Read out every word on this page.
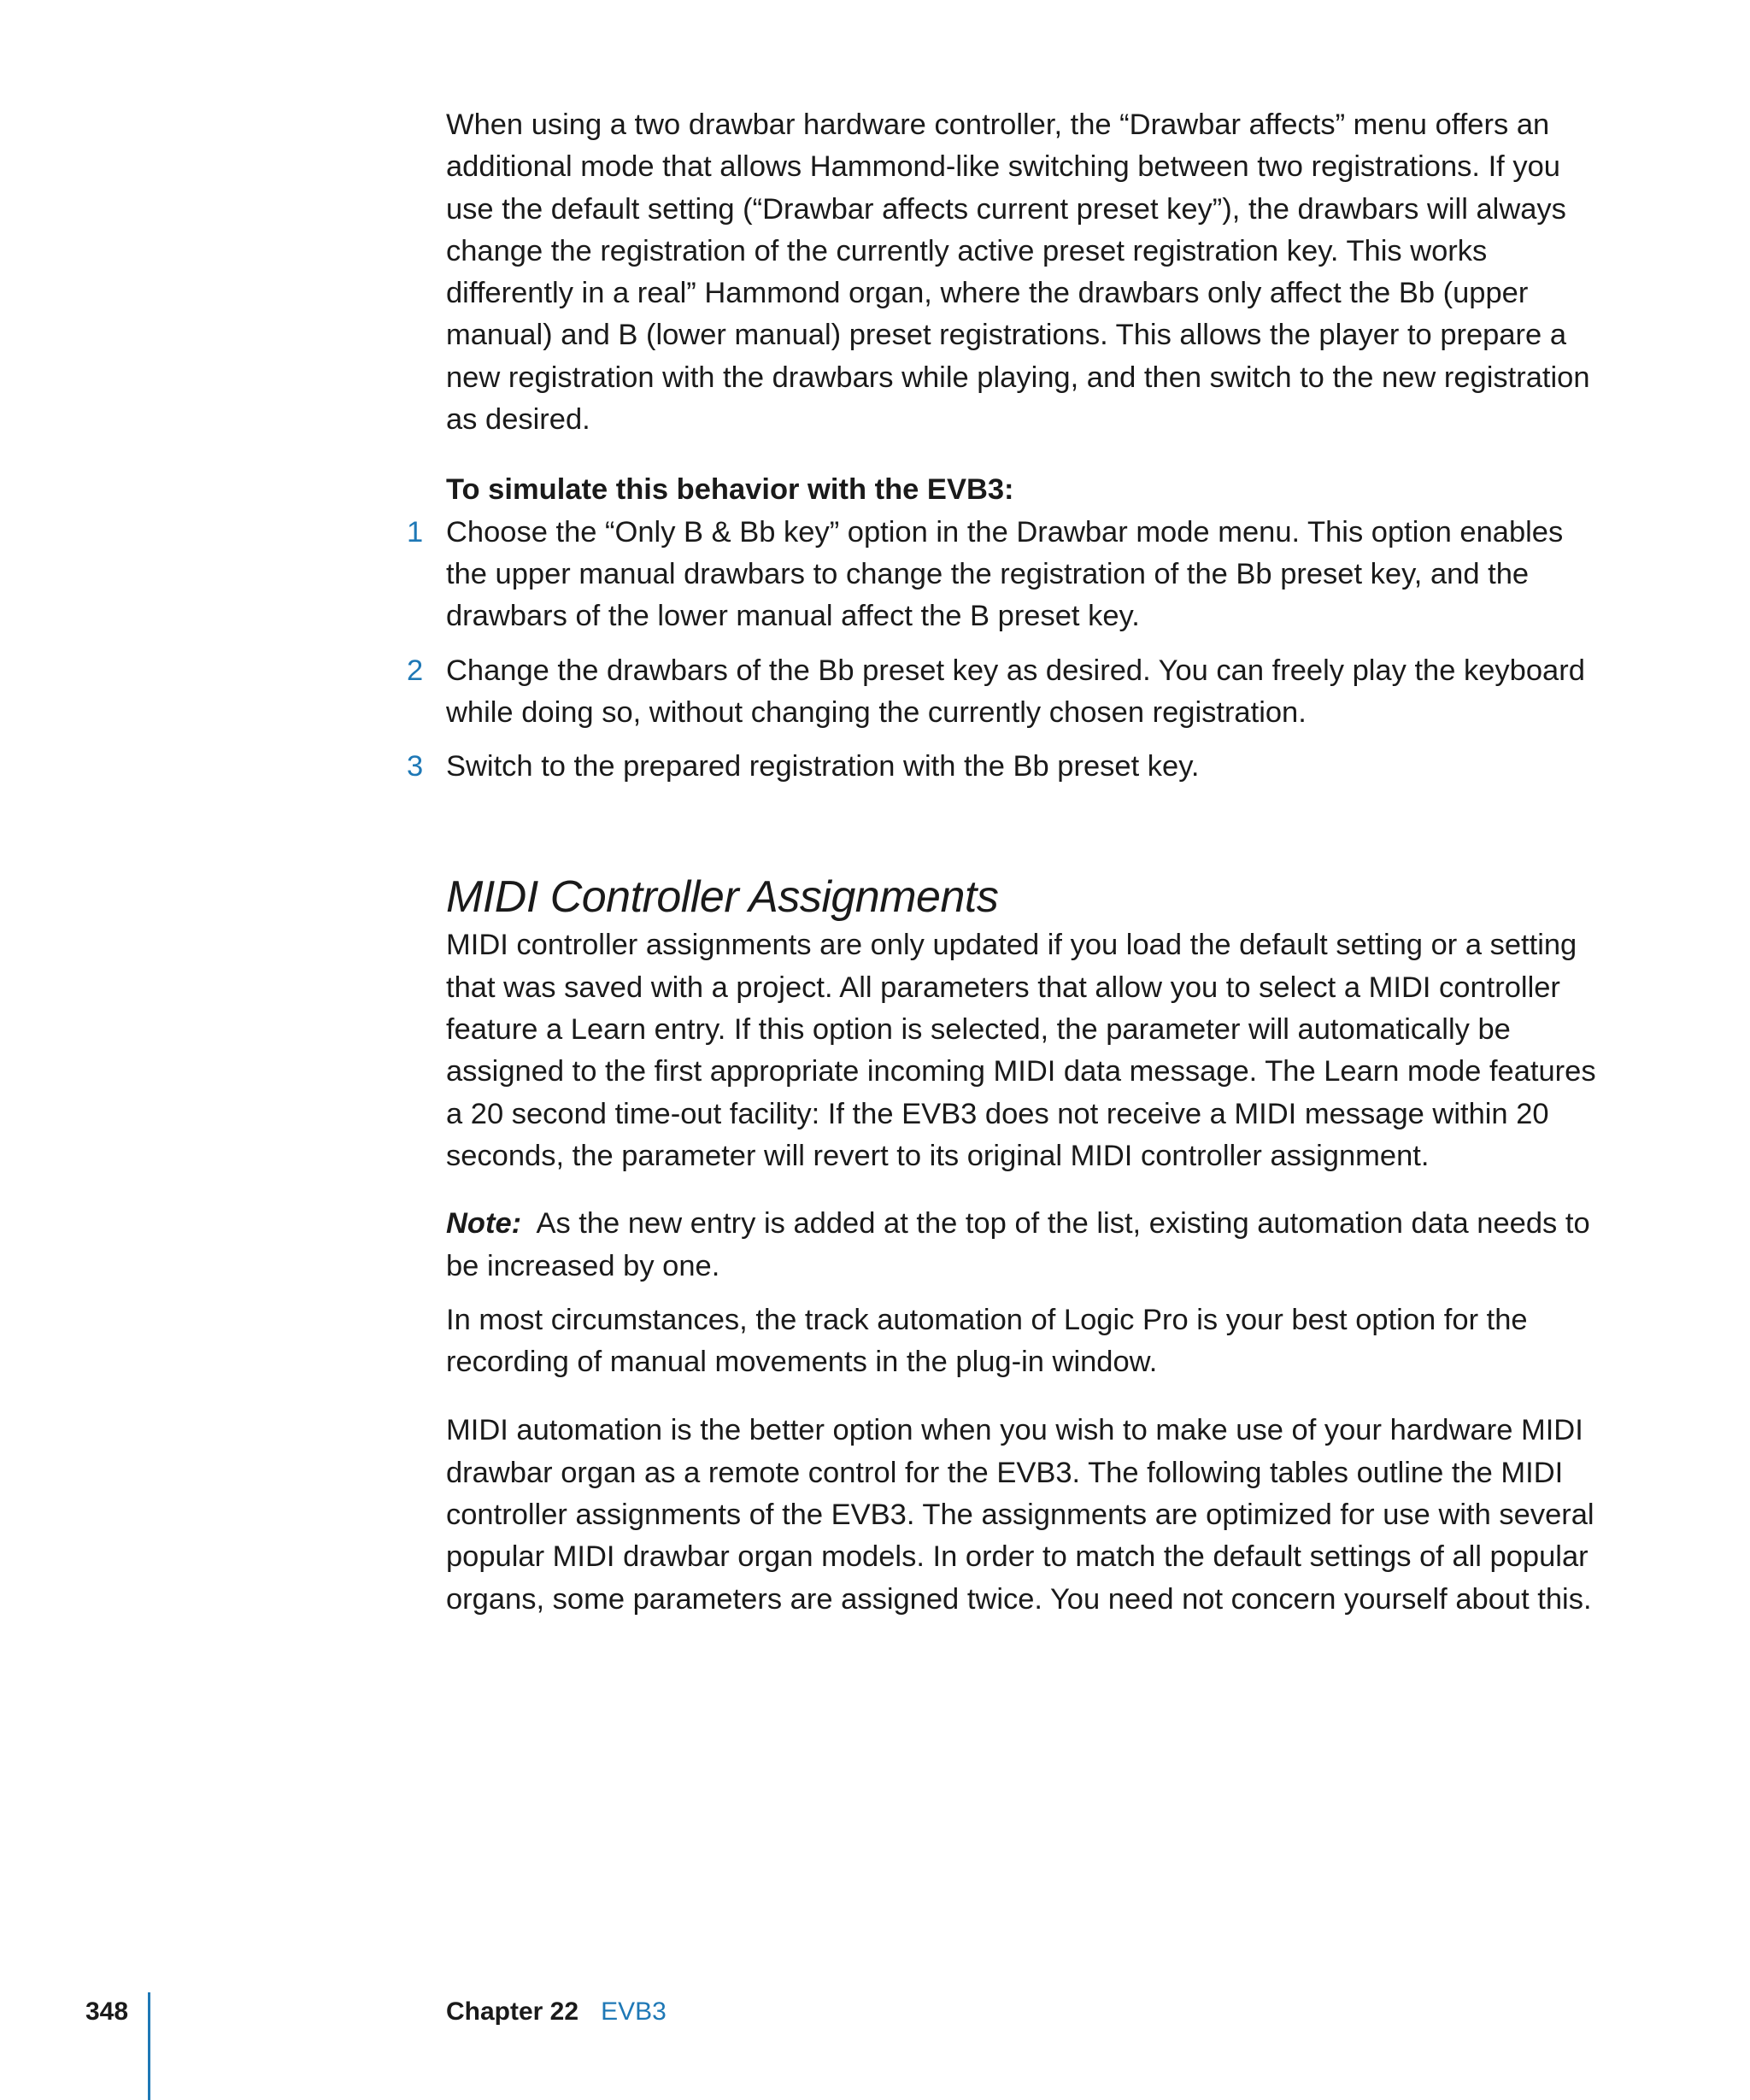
When using a two drawbar hardware controller, the “Drawbar affects” menu offers an additional mode that allows Hammond-like switching between two registrations. If you use the default setting (“Drawbar affects current preset key”), the drawbars will always change the registration of the currently active preset registration key. This works differently in a real” Hammond organ, where the drawbars only affect the Bb (upper manual) and B (lower manual) preset registrations. This allows the player to prepare a new registration with the drawbars while playing, and then switch to the new registration as desired.

To simulate this behavior with the EVB3:

1 Choose the “Only B & Bb key” option in the Drawbar mode menu. This option enables the upper manual drawbars to change the registration of the Bb preset key, and the drawbars of the lower manual affect the B preset key.
2 Change the drawbars of the Bb preset key as desired. You can freely play the keyboard while doing so, without changing the currently chosen registration.
3 Switch to the prepared registration with the Bb preset key.
MIDI Controller Assignments

MIDI controller assignments are only updated if you load the default setting or a setting that was saved with a project. All parameters that allow you to select a MIDI controller feature a Learn entry. If this option is selected, the parameter will automatically be assigned to the first appropriate incoming MIDI data message. The Learn mode features a 20 second time-out facility: If the EVB3 does not receive a MIDI message within 20 seconds, the parameter will revert to its original MIDI controller assignment.

Note: As the new entry is added at the top of the list, existing automation data needs to be increased by one.

In most circumstances, the track automation of Logic Pro is your best option for the recording of manual movements in the plug-in window.

MIDI automation is the better option when you wish to make use of your hardware MIDI drawbar organ as a remote control for the EVB3. The following tables outline the MIDI controller assignments of the EVB3. The assignments are optimized for use with several popular MIDI drawbar organ models. In order to match the default settings of all popular organs, some parameters are assigned twice. You need not concern yourself about this.

348	Chapter 22 EVB3
